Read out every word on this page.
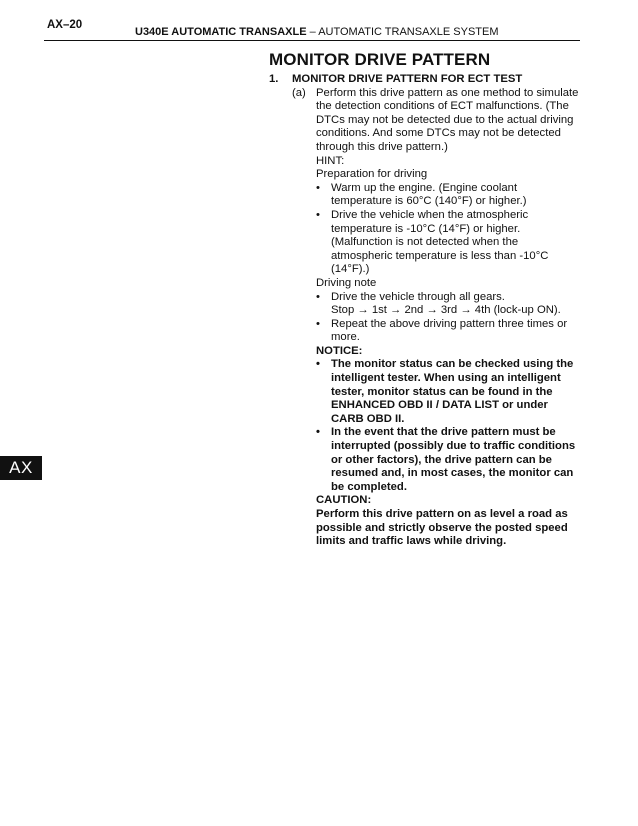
AX–20
U340E AUTOMATIC TRANSAXLE – AUTOMATIC TRANSAXLE SYSTEM
MONITOR DRIVE PATTERN
AX
1. MONITOR DRIVE PATTERN FOR ECT TEST
(a) Perform this drive pattern as one method to simulate the detection conditions of ECT malfunctions. (The DTCs may not be detected due to the actual driving conditions. And some DTCs may not be detected through this drive pattern.)

HINT:

Preparation for driving

• Warm up the engine. (Engine coolant temperature is 60°C (140°F) or higher.)
• Drive the vehicle when the atmospheric temperature is -10°C (14°F) or higher. (Malfunction is not detected when the atmospheric temperature is less than -10°C (14°F).)

Driving note

• Drive the vehicle through all gears.
Stop → 1st → 2nd → 3rd → 4th (lock-up ON).
• Repeat the above driving pattern three times or more.

NOTICE:

• The monitor status can be checked using the intelligent tester. When using an intelligent tester, monitor status can be found in the ENHANCED OBD II / DATA LIST or under CARB OBD II.
• In the event that the drive pattern must be interrupted (possibly due to traffic conditions or other factors), the drive pattern can be resumed and, in most cases, the monitor can be completed.

CAUTION:

Perform this drive pattern on as level a road as possible and strictly observe the posted speed limits and traffic laws while driving.
